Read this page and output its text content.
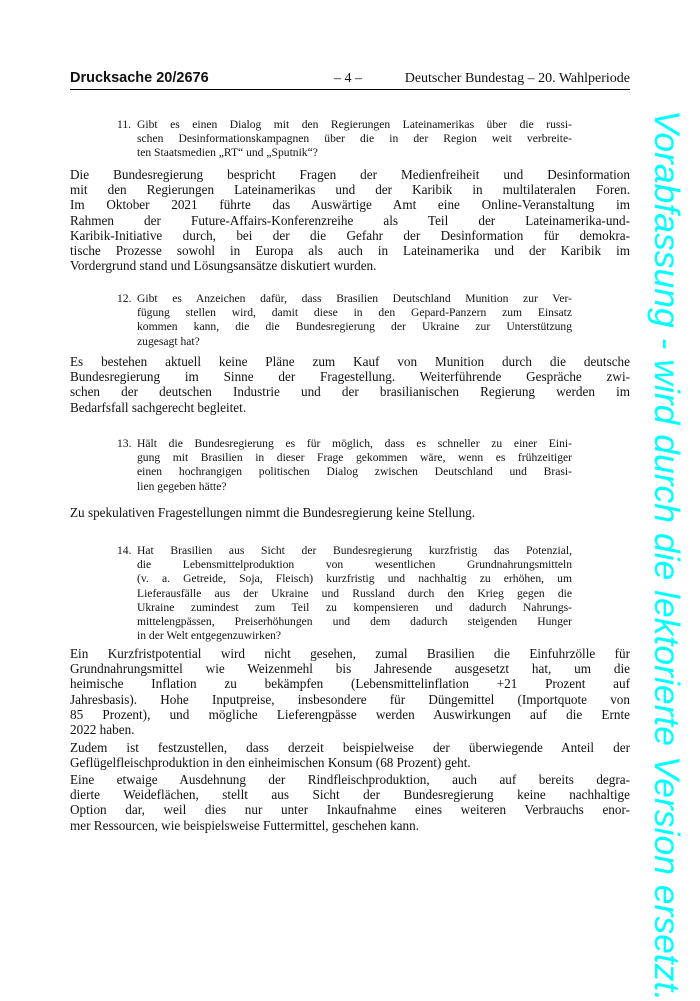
Drucksache 20/2676	– 4 –	Deutscher Bundestag – 20. Wahlperiode
Vorabfassung - wird durch die lektorierte Version ersetzt.
11. Gibt es einen Dialog mit den Regierungen Lateinamerikas über die russi-
schen Desinformationskampagnen über die in der Region weit verbreite-
ten Staatsmedien „RT“ und „Sputnik“?

Die Bundesregierung bespricht Fragen der Medienfreiheit und Desinformation
mit den Regierungen Lateinamerikas und der Karibik in multilateralen Foren.
Im Oktober 2021 führte das Auswärtige Amt eine Online-Veranstaltung im
Rahmen der Future-Affairs-Konferenzreihe als Teil der Lateinamerika-und-
Karibik-Initiative durch, bei der die Gefahr der Desinformation für demokra-
tische Prozesse sowohl in Europa als auch in Lateinamerika und der Karibik im
Vordergrund stand und Lösungsansätze diskutiert wurden.

12. Gibt es Anzeichen dafür, dass Brasilien Deutschland Munition zur Ver-
fügung stellen wird, damit diese in den Gepard-Panzern zum Einsatz
kommen kann, die die Bundesregierung der Ukraine zur Unterstützung
zugesagt hat?

Es bestehen aktuell keine Pläne zum Kauf von Munition durch die deutsche
Bundesregierung im Sinne der Fragestellung. Weiterführende Gespräche zwi-
schen der deutschen Industrie und der brasilianischen Regierung werden im
Bedarfsfall sachgerecht begleitet.

13. Hält die Bundesregierung es für möglich, dass es schneller zu einer Eini-
gung mit Brasilien in dieser Frage gekommen wäre, wenn es frühzeitiger
einen hochrangigen politischen Dialog zwischen Deutschland und Brasi-
lien gegeben hätte?

Zu spekulativen Fragestellungen nimmt die Bundesregierung keine Stellung.

14. Hat Brasilien aus Sicht der Bundesregierung kurzfristig das Potenzial,
die Lebensmittelproduktion von wesentlichen Grundnahrungsmitteln
(v. a. Getreide, Soja, Fleisch) kurzfristig und nachhaltig zu erhöhen, um
Lieferausfälle aus der Ukraine und Russland durch den Krieg gegen die
Ukraine zumindest zum Teil zu kompensieren und dadurch Nahrungs-
mittelengpässen, Preiserhöhungen und dem dadurch steigenden Hunger
in der Welt entgegenzuwirken?

Ein Kurzfristpotential wird nicht gesehen, zumal Brasilien die Einfuhrzölle für
Grundnahrungsmittel wie Weizenmehl bis Jahresende ausgesetzt hat, um die
heimische Inflation zu bekämpfen (Lebensmittelinflation +21 Prozent auf
Jahresbasis). Hohe Inputpreise, insbesondere für Düngemittel (Importquote von
85 Prozent), und mögliche Lieferengpässe werden Auswirkungen auf die Ernte
2022 haben.

Zudem ist festzustellen, dass derzeit beispielweise der überwiegende Anteil der
Geflügelfleischproduktion in den einheimischen Konsum (68 Prozent) geht.

Eine etwaige Ausdehnung der Rindfleischproduktion, auch auf bereits degra-
dierte Weideflächen, stellt aus Sicht der Bundesregierung keine nachhaltige
Option dar, weil dies nur unter Inkaufnahme eines weiteren Verbrauchs enor-
mer Ressourcen, wie beispielsweise Futtermittel, geschehen kann.
